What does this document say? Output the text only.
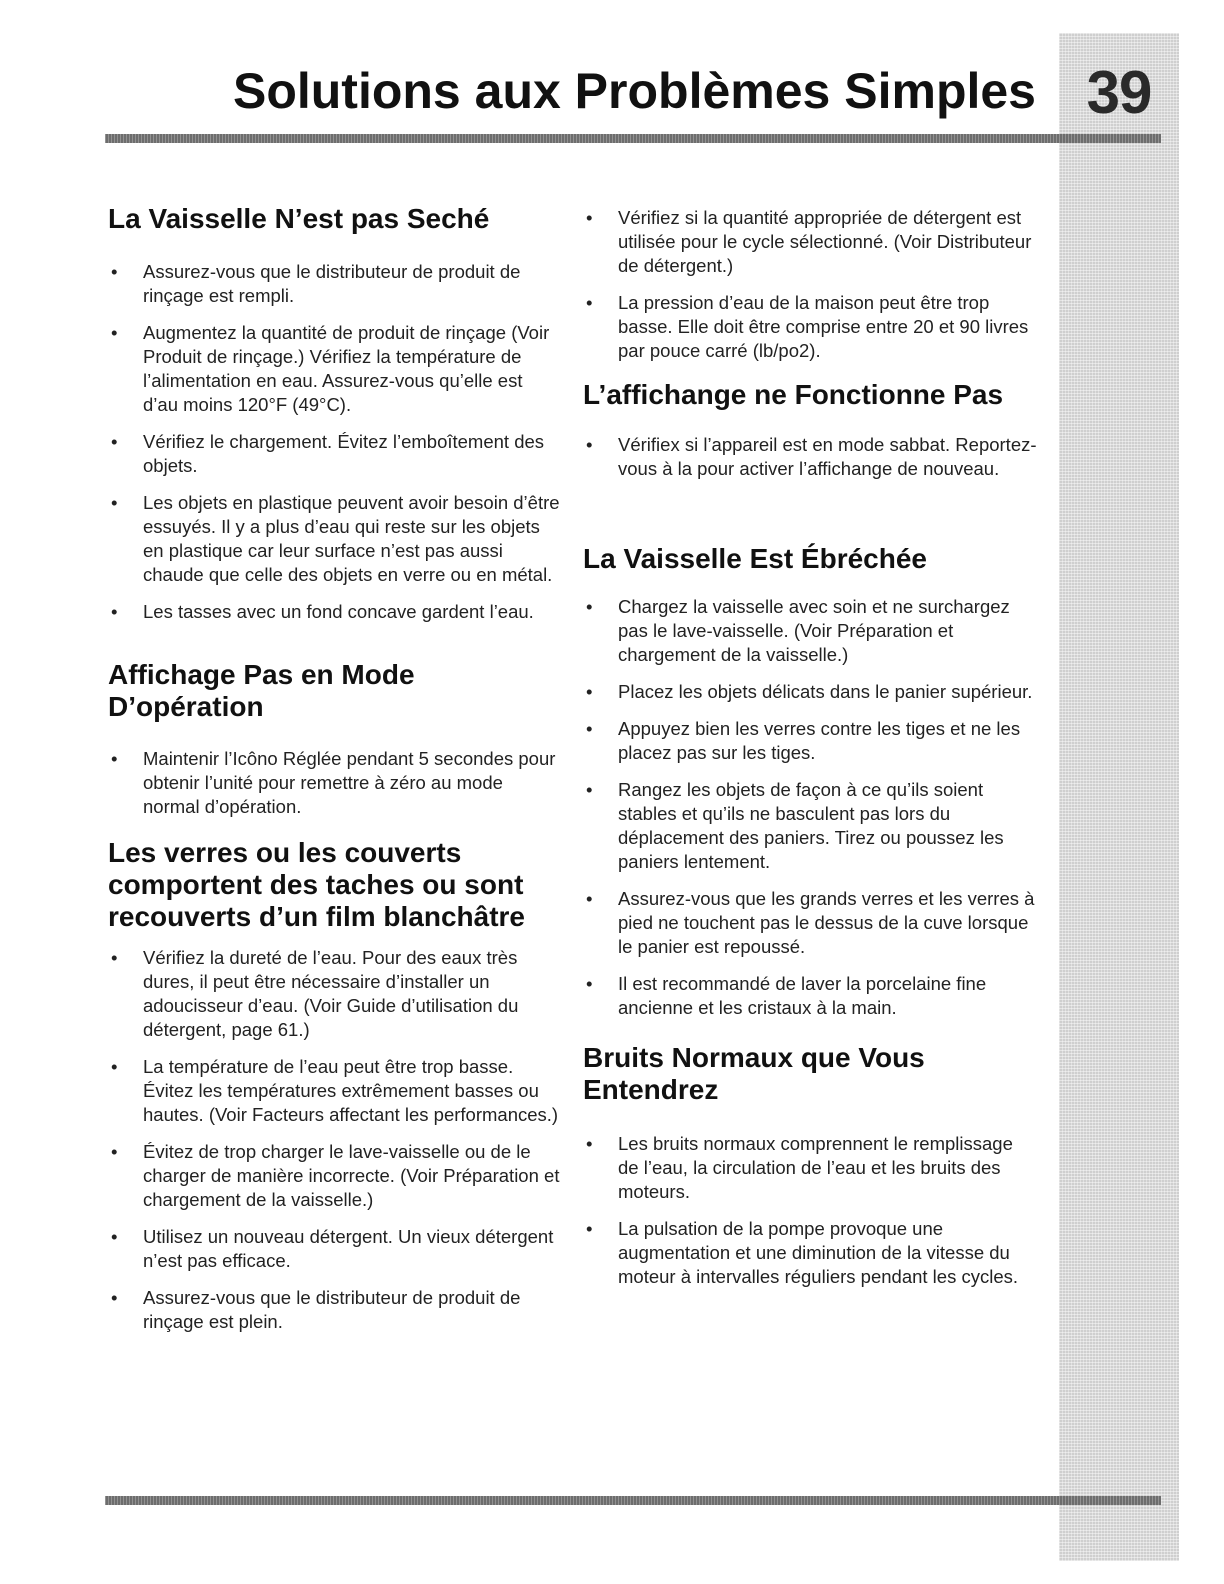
39
Solutions aux Problèmes Simples
La Vaisselle N’est pas Seché
• Assurez-vous que le distributeur de produit de rinçage est rempli.
• Augmentez la quantité de produit de rinçage (Voir Produit de rinçage.) Vérifiez la température de l’alimentation en eau. Assurez-vous qu’elle est d’au moins 120°F (49°C).
• Vérifiez le chargement. Évitez l’emboîtement des objets.
• Les objets en plastique peuvent avoir besoin d’être essuyés. Il y a plus d’eau qui reste sur les objets en plastique car leur surface n’est pas aussi chaude que celle des objets en verre ou en métal.
• Les tasses avec un fond concave gardent l’eau.
Affichage Pas en Mode D’opération
• Maintenir l’Icôno Réglée pendant 5 secondes pour obtenir l’unité pour remettre à zéro au mode normal d’opération.
Les verres ou les couverts comportent des taches ou sont recouverts d’un film blanchâtre
• Vérifiez la dureté de l’eau. Pour des eaux très dures, il peut être nécessaire d’installer un adoucisseur d’eau. (Voir Guide d’utilisation du détergent, page 61.)
• La température de l’eau peut être trop basse. Évitez les températures extrêmement basses ou hautes. (Voir Facteurs affectant les performances.)
• Évitez de trop charger le lave-vaisselle ou de le charger de manière incorrecte. (Voir Préparation et chargement de la vaisselle.)
• Utilisez un nouveau détergent. Un vieux détergent n’est pas efficace.
• Assurez-vous que le distributeur de produit de rinçage est plein.
• Vérifiez si la quantité appropriée de détergent est utilisée pour le cycle sélectionné. (Voir Distributeur de détergent.)
• La pression d’eau de la maison peut être trop basse. Elle doit être comprise entre 20 et 90 livres par pouce carré (lb/po2).
L’affichange ne Fonctionne Pas
• Vérifiex si l’appareil est en mode sabbat. Reportez-vous à la pour activer l’affichange de nouveau.
La Vaisselle Est Ébréchée
• Chargez la vaisselle avec soin et ne surchargez pas le lave-vaisselle. (Voir Préparation et chargement de la vaisselle.)
• Placez les objets délicats dans le panier supérieur.
• Appuyez bien les verres contre les tiges et ne les placez pas sur les tiges.
• Rangez les objets de façon à ce qu’ils soient stables et qu’ils ne basculent pas lors du déplacement des paniers. Tirez ou poussez les paniers lentement.
• Assurez-vous que les grands verres et les verres à pied ne touchent pas le dessus de la cuve lorsque le panier est repoussé.
• Il est recommandé de laver la porcelaine fine ancienne et les cristaux à la main.
Bruits Normaux que Vous Entendrez
• Les bruits normaux comprennent le remplissage de l’eau, la circulation de l’eau et les bruits des moteurs.
• La pulsation de la pompe provoque une augmentation et une diminution de la vitesse du moteur à intervalles réguliers pendant les cycles.
